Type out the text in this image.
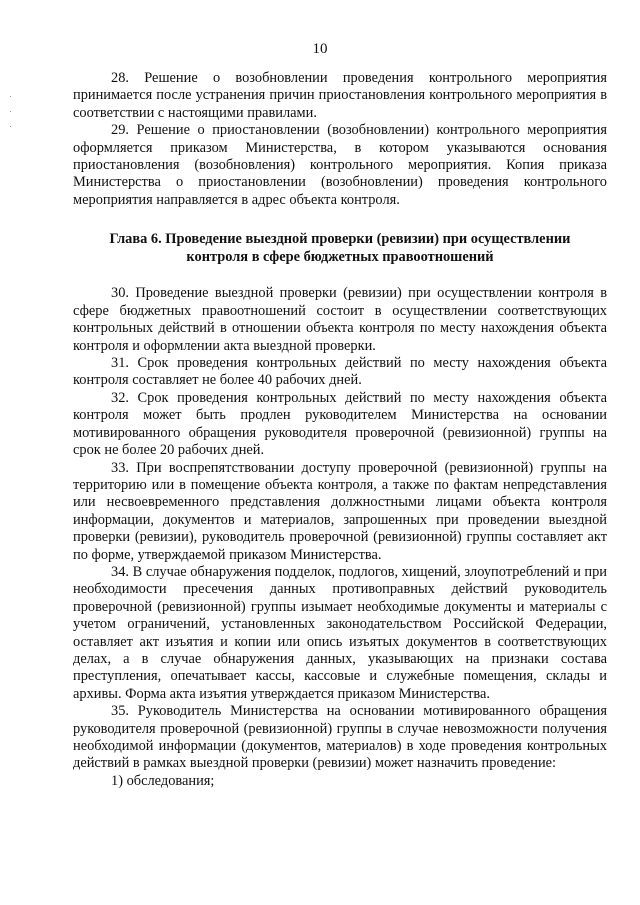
10

28. Решение о возобновлении проведения контрольного мероприятия принимается после устранения причин приостановления контрольного мероприятия в соответствии с настоящими правилами.

29. Решение о приостановлении (возобновлении) контрольного мероприятия оформляется приказом Министерства, в котором указываются основания приостановления (возобновления) контрольного мероприятия. Копия приказа Министерства о приостановлении (возобновлении) проведения контрольного мероприятия направляется в адрес объекта контроля.

Глава 6. Проведение выездной проверки (ревизии) при осуществлении контроля в сфере бюджетных правоотношений

30. Проведение выездной проверки (ревизии) при осуществлении контроля в сфере бюджетных правоотношений состоит в осуществлении соответствующих контрольных действий в отношении объекта контроля по месту нахождения объекта контроля и оформлении акта выездной проверки.

31. Срок проведения контрольных действий по месту нахождения объекта контроля составляет не более 40 рабочих дней.

32. Срок проведения контрольных действий по месту нахождения объекта контроля может быть продлен руководителем Министерства на основании мотивированного обращения руководителя проверочной (ревизионной) группы на срок не более 20 рабочих дней.

33. При воспрепятствовании доступу проверочной (ревизионной) группы на территорию или в помещение объекта контроля, а также по фактам непредставления или несвоевременного представления должностными лицами объекта контроля информации, документов и материалов, запрошенных при проведении выездной проверки (ревизии), руководитель проверочной (ревизионной) группы составляет акт по форме, утверждаемой приказом Министерства.

34. В случае обнаружения подделок, подлогов, хищений, злоупотреблений и при необходимости пресечения данных противоправных действий руководитель проверочной (ревизионной) группы изымает необходимые документы и материалы с учетом ограничений, установленных законодательством Российской Федерации, оставляет акт изъятия и копии или опись изъятых документов в соответствующих делах, а в случае обнаружения данных, указывающих на признаки состава преступления, опечатывает кассы, кассовые и служебные помещения, склады и архивы. Форма акта изъятия утверждается приказом Министерства.

35. Руководитель Министерства на основании мотивированного обращения руководителя проверочной (ревизионной) группы в случае невозможности получения необходимой информации (документов, материалов) в ходе проведения контрольных действий в рамках выездной проверки (ревизии) может назначить проведение:

1) обследования;
